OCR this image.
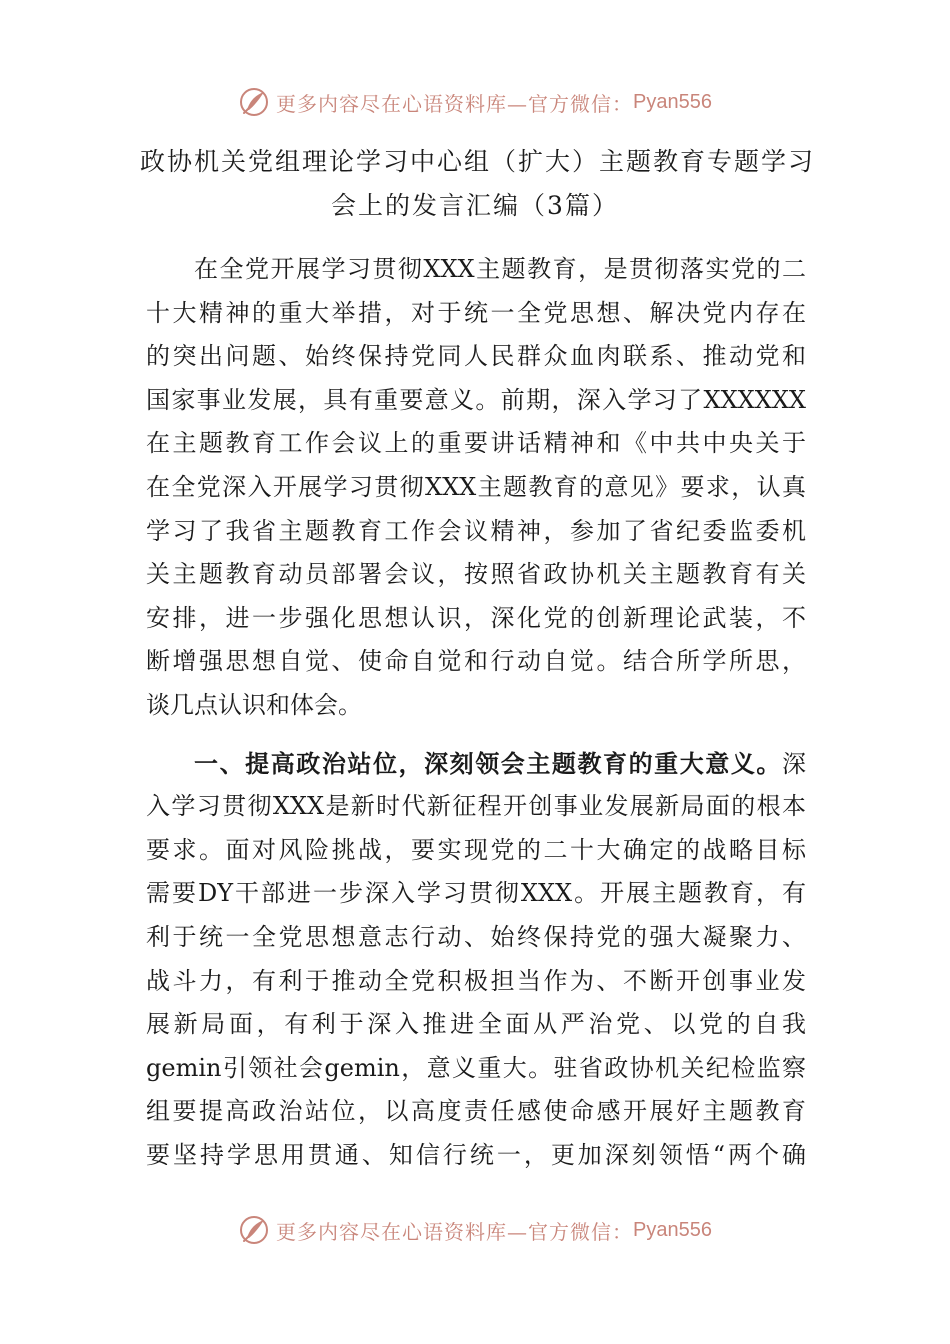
更多内容尽在心语资料库—官方微信： Pyan556
政协机关党组理论学习中心组（扩大）主题教育专题学习
会上的发言汇编（3篇）
在全党开展学习贯彻XXX主题教育，是贯彻落实党的二
十大精神的重大举措，对于统一全党思想、解决党内存在
的突出问题、始终保持党同人民群众血肉联系、推动党和
国家事业发展，具有重要意义。前期，深入学习了XXXXXX
在主题教育工作会议上的重要讲话精神和《中共中央关于
在全党深入开展学习贯彻XXX主题教育的意见》要求，认真
学习了我省主题教育工作会议精神，参加了省纪委监委机
关主题教育动员部署会议，按照省政协机关主题教育有关
安排，进一步强化思想认识，深化党的创新理论武装，不
断增强思想自觉、使命自觉和行动自觉。结合所学所思，
谈几点认识和体会。
一、提高政治站位，深刻领会主题教育的重大意义。深
入学习贯彻XXX是新时代新征程开创事业发展新局面的根本
要求。面对风险挑战，要实现党的二十大确定的战略目标
需要DY干部进一步深入学习贯彻XXX。开展主题教育，有
利于统一全党思想意志行动、始终保持党的强大凝聚力、
战斗力，有利于推动全党积极担当作为、不断开创事业发
展新局面，有利于深入推进全面从严治党、以党的自我
gemin引领社会gemin，意义重大。驻省政协机关纪检监察
组要提高政治站位，以高度责任感使命感开展好主题教育
要坚持学思用贯通、知信行统一，更加深刻领悟“两个确
更多内容尽在心语资料库—官方微信： Pyan556
